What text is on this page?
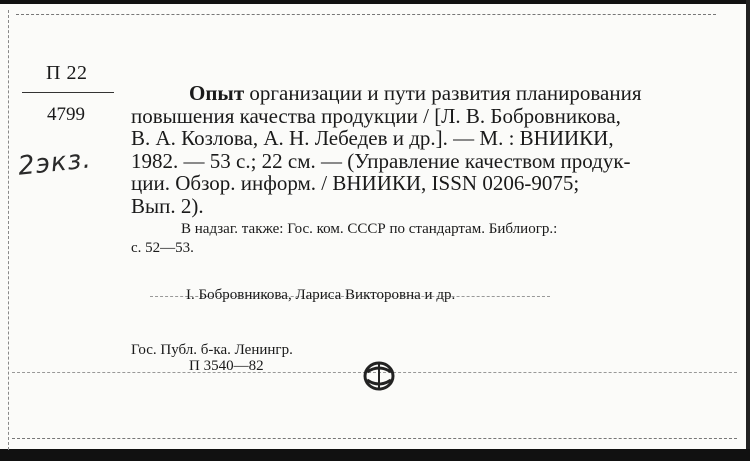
П 22
4799
2экз.
Опыт организации и пути развития планирования
повышения качества продукции / [Л. В. Бобровникова,
В. А. Козлова, А. Н. Лебедев и др.]. — М. : ВНИИКИ,
1982. — 53 с.; 22 см. — (Управление качеством продук-
ции. Обзор. информ. / ВНИИКИ, ISSN 0206-9075;
Вып. 2).
В надзаг. также: Гос. ком. СССР по стандартам. Библиогр.:
с. 52—53.
I. Бобровникова, Лариса Викторовна и др.
Гос. Публ. б-ка. Ленингр.
П 3540—82
